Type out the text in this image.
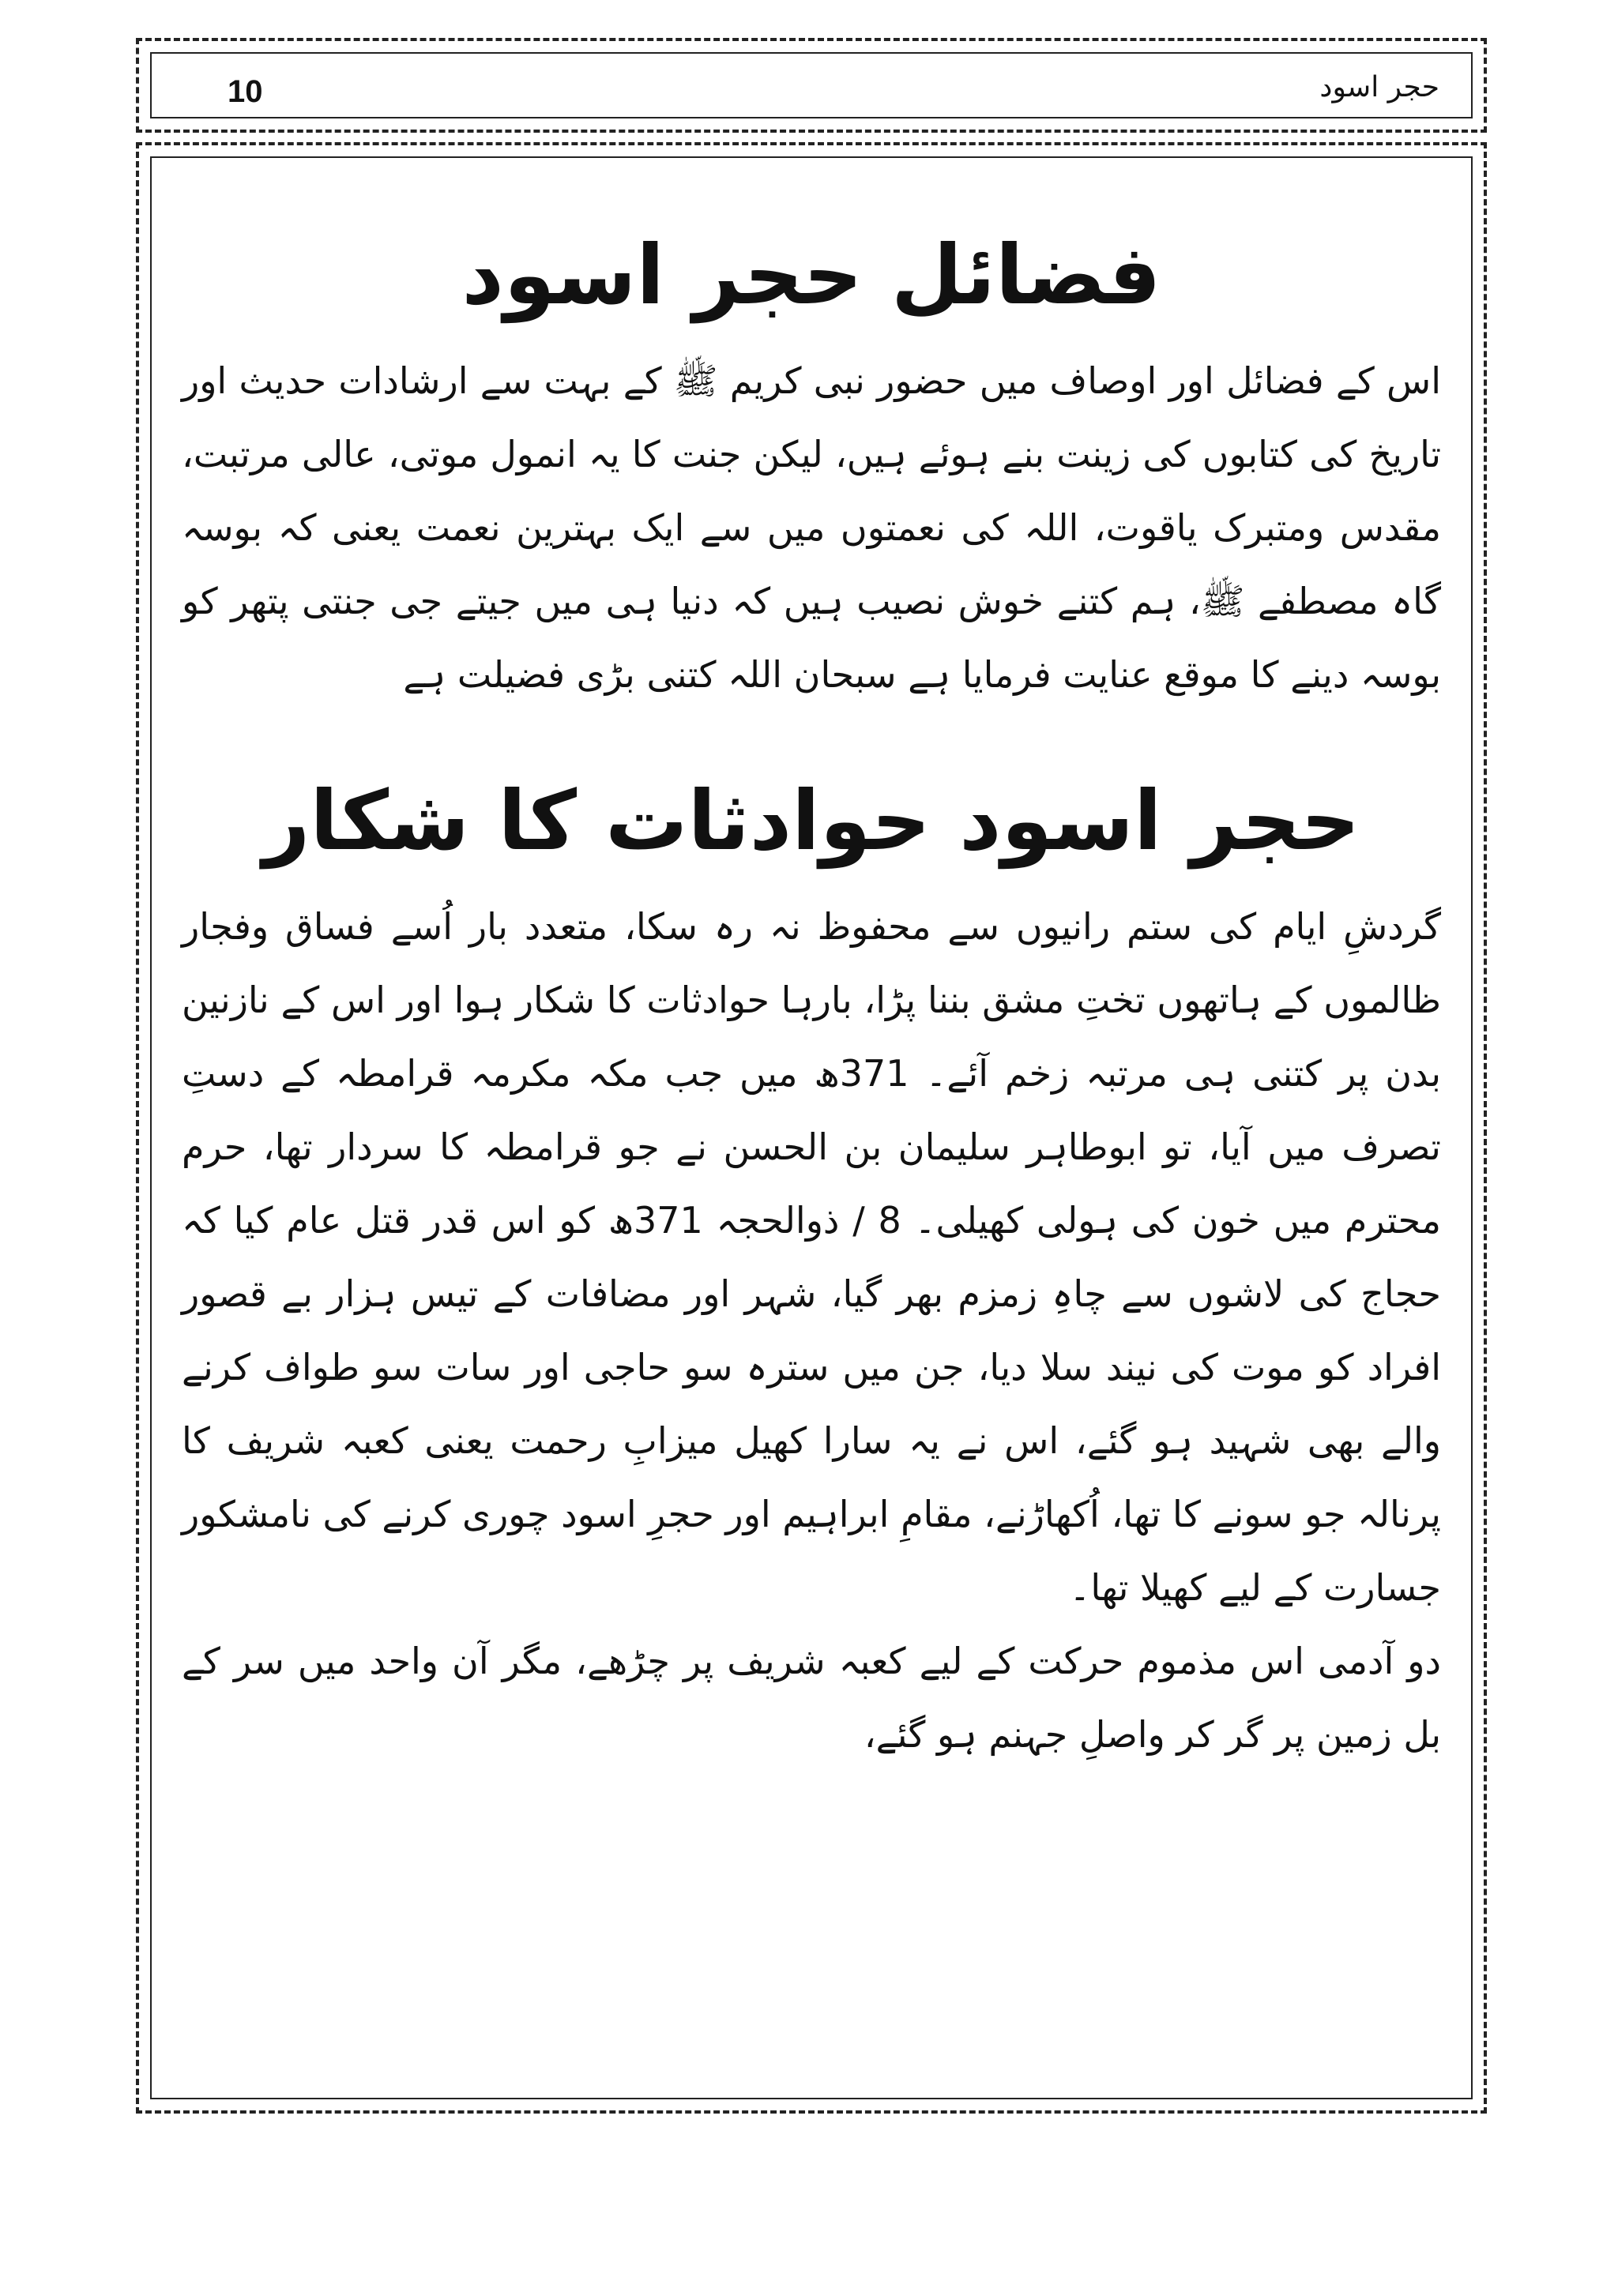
10	حجر اسود
فضائل حجر اسود

اس کے فضائل اور اوصاف میں حضور نبی کریم ﷺ کے بہت سے ارشادات حدیث اور تاریخ کی کتابوں کی زینت بنے ہوئے ہیں، لیکن جنت کا یہ انمول موتی، عالی مرتبت، مقدس ومتبرک یاقوت، اللہ کی نعمتوں میں سے ایک بہترین نعمت یعنی کہ بوسہ گاہ مصطفے ﷺ، ہم کتنے خوش نصیب ہیں کہ دنیا ہی میں جیتے جی جنتی پتھر کو بوسہ دینے کا موقع عنایت فرمایا ہے سبحان اللہ کتنی بڑی فضیلت ہے

حجر اسود حوادثات کا شکار

گردشِ ایام کی ستم رانیوں سے محفوظ نہ رہ سکا، متعدد بار اُسے فساق وفجار ظالموں کے ہاتھوں تختِ مشق بننا پڑا، بارہا حوادثات کا شکار ہوا اور اس کے نازنین بدن پر کتنی ہی مرتبہ زخم آئے۔ 371ھ میں جب مکہ مکرمہ قرامطہ کے دستِ تصرف میں آیا، تو ابوطاہر سلیمان بن الحسن نے جو قرامطہ کا سردار تھا، حرم محترم میں خون کی ہولی کھیلی۔ 8 / ذوالحجہ 371ھ کو اس قدر قتل عام کیا کہ حجاج کی لاشوں سے چاہِ زمزم بھر گیا، شہر اور مضافات کے تیس ہزار بے قصور افراد کو موت کی نیند سلا دیا، جن میں سترہ سو حاجی اور سات سو طواف کرنے والے بھی شہید ہو گئے، اس نے یہ سارا کھیل میزابِ رحمت یعنی کعبہ شریف کا پرنالہ جو سونے کا تھا، اُکھاڑنے، مقامِ ابراہیم اور حجرِ اسود چوری کرنے کی نامشکور جسارت کے لیے کھیلا تھا۔

دو آدمی اس مذموم حرکت کے لیے کعبہ شریف پر چڑھے، مگر آن واحد میں سر کے بل زمین پر گر کر واصلِ جہنم ہو گئے،
